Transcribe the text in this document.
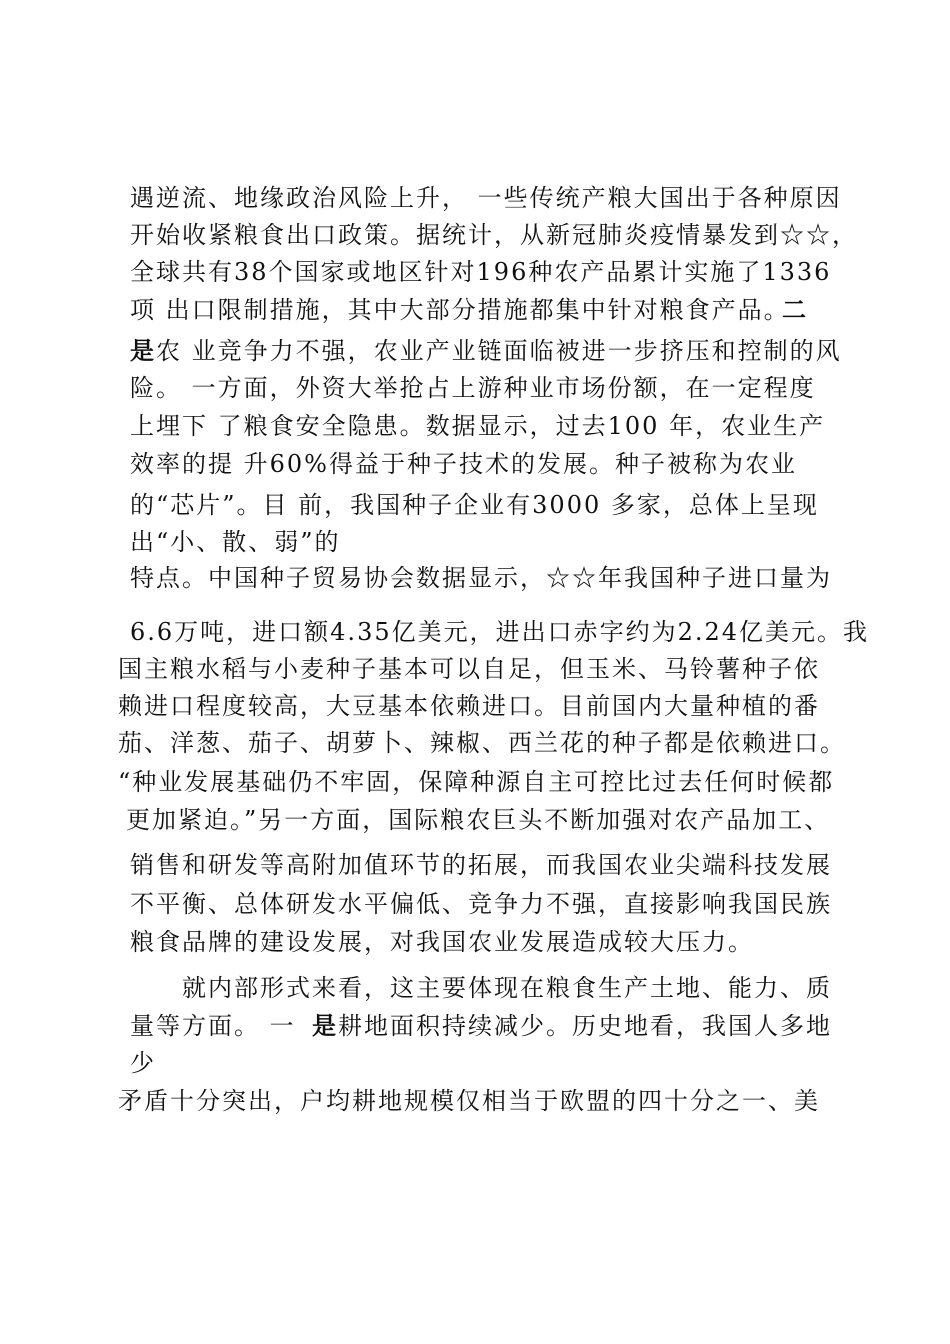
遇逆流、地缘政治风险上升， 一些传统产粮大国出于各种原因
开始收紧粮食出口政策。据统计，从新冠肺炎疫情暴发到☆☆，
全球共有38个国家或地区针对196种农产品累计实施了1336
项 出口限制措施，其中大部分措施都集中针对粮食产品。
二
是 农 业竞争力不强，农业产业链面临被进一步挤压和控制的风
险。 一方面，外资大举抢占上游种业市场份额，在一定程度
上埋下 了粮食安全隐患。数据显示，过去100 年，农业生产
效率的提 升60%得益于种子技术的发展。种子被称为农业
的“芯片”。目 前，我国种子企业有3000 多家，总体上呈现
出“小、散、弱”的
特点。中国种子贸易协会数据显示，☆☆年我国种子进口量为
6.6万吨，进口额4.35亿美元，进出口赤字约为2.24亿美元。我
国主粮水稻与小麦种子基本可以自足，但玉米、马铃薯种子依
赖进口程度较高，大豆基本依赖进口。目前国内大量种植的番
茄、洋葱、茄子、胡萝卜、辣椒、西兰花的种子都是依赖进口。
“种业发展基础仍不牢固，保障种源自主可控比过去任何时候都
更加紧迫。”另一方面，国际粮农巨头不断加强对农产品加工、
销售和研发等高附加值环节的拓展，而我国农业尖端科技发展
不平衡、总体研发水平偏低、竞争力不强，直接影响我国民族
粮食品牌的建设发展，对我国农业发展造成较大压力。
就内部形式来看，这主要体现在粮食生产土地、能力、质
量等方面。 一 是 耕地面积持续减少。历史地看，我国人多地
少
矛盾十分突出，户均耕地规模仅相当于欧盟的四十分之一、美
